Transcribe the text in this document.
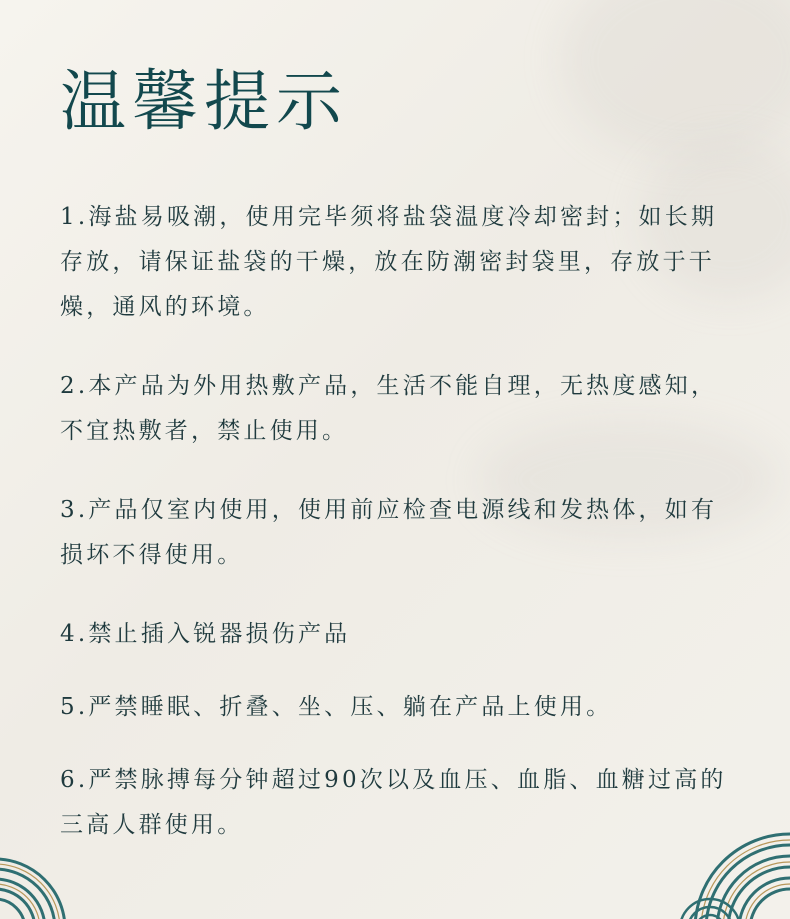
温馨提示

1.海盐易吸潮，使用完毕须将盐袋温度冷却密封；如长期存放，请保证盐袋的干燥，放在防潮密封袋里，存放于干燥，通风的环境。

2.本产品为外用热敷产品，生活不能自理，无热度感知，不宜热敷者，禁止使用。

3.产品仅室内使用，使用前应检查电源线和发热体，如有损坏不得使用。

4.禁止插入锐器损伤产品

5.严禁睡眠、折叠、坐、压、躺在产品上使用。

6.严禁脉搏每分钟超过90次以及血压、血脂、血糖过高的三高人群使用。
